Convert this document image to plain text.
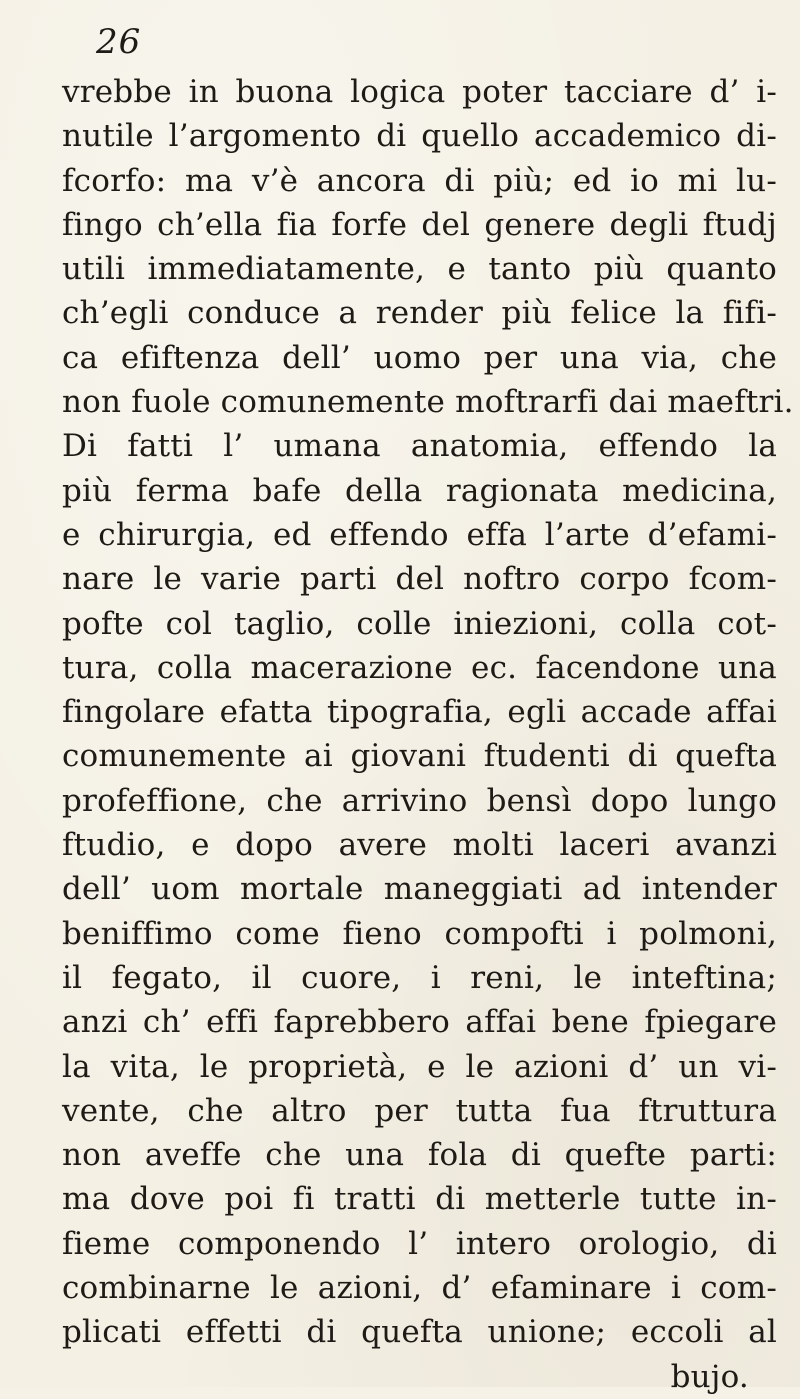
26
vrebbe in buona logica poter tacciare d’ i-
nutile l’argomento di quello accademico di-
fcorfo: ma v’è ancora di più; ed io mi lu-
fingo ch’ella fia forfe del genere degli ftudj
utili immediatamente, e tanto più quanto
ch’egli conduce a render più felice la fifi-
ca efiftenza dell’ uomo per una via, che
non fuole comunemente moftrarfi dai maeftri.
Di fatti l’ umana anatomia, effendo la
più ferma bafe della ragionata medicina,
e chirurgia, ed effendo effa l’arte d’efami-
nare le varie parti del noftro corpo fcom-
pofte col taglio, colle iniezioni, colla cot-
tura, colla macerazione ec. facendone una
fingolare efatta tipografia, egli accade affai
comunemente ai giovani ftudenti di quefta
profeffione, che arrivino bensì dopo lungo
ftudio, e dopo avere molti laceri avanzi
dell’ uom mortale maneggiati ad intender
beniffimo come fieno compofti i polmoni,
il fegato, il cuore, i reni, le inteftina;
anzi ch’ effi faprebbero affai bene fpiegare
la vita, le proprietà, e le azioni d’ un vi-
vente, che altro per tutta fua ftruttura
non aveffe che una fola di quefte parti:
ma dove poi fi tratti di metterle tutte in-
fieme componendo l’ intero orologio, di
combinarne le azioni, d’ efaminare i com-
plicati effetti di quefta unione; eccoli al
bujo.
